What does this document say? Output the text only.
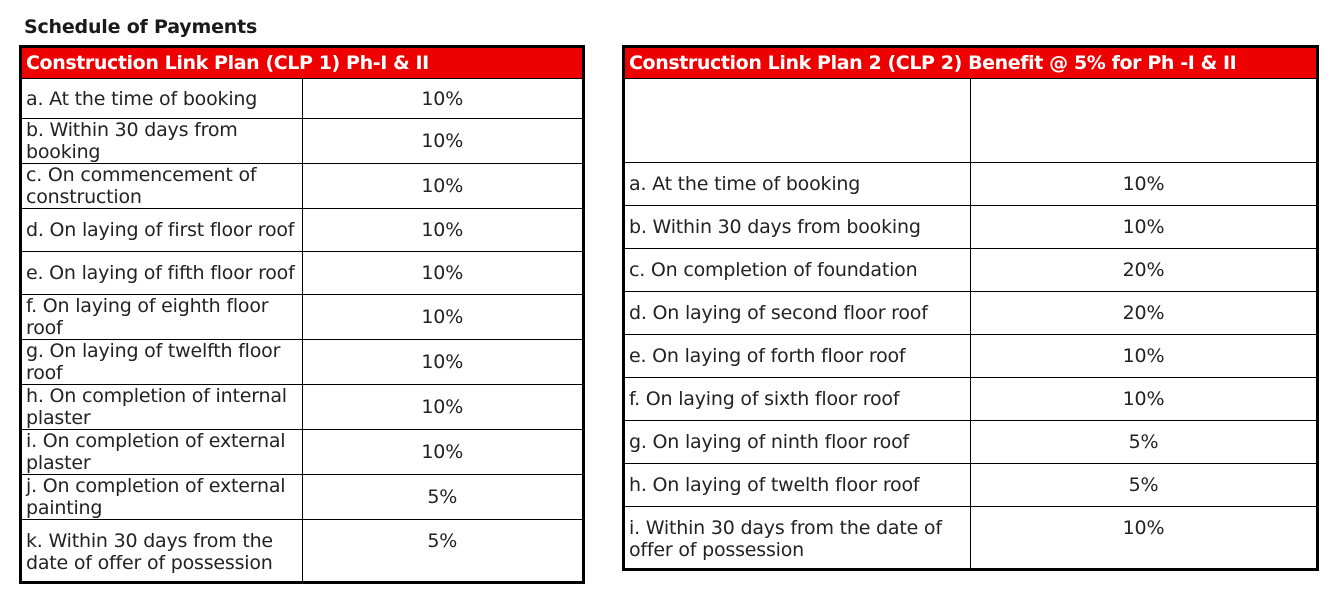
Schedule of Payments
Construction Link Plan (CLP 1) Ph-I & II	
a. At the time of booking	10%
b. Within 30 days from booking	10%
c. On commencement of construction	10%
d. On laying of first floor roof	10%
e. On laying of fifth floor roof	10%
f. On laying of eighth floor roof	10%
g. On laying of twelfth floor roof	10%
h. On completion of internal plaster	10%
i. On completion of external plaster	10%
j. On completion of external painting	5%
k. Within 30 days from the date of offer of possession	5%
Construction Link Plan 2 (CLP 2) Benefit @ 5% for Ph -I & II	

a. At the time of booking	10%
b. Within 30 days from booking	10%
c. On completion of foundation	20%
d. On laying of second floor roof	20%
e. On laying of forth floor roof	10%
f. On laying of sixth floor roof	10%
g. On laying of ninth floor roof	5%
h. On laying of twelth floor roof	5%
i. Within 30 days from the date of offer of possession	10%
